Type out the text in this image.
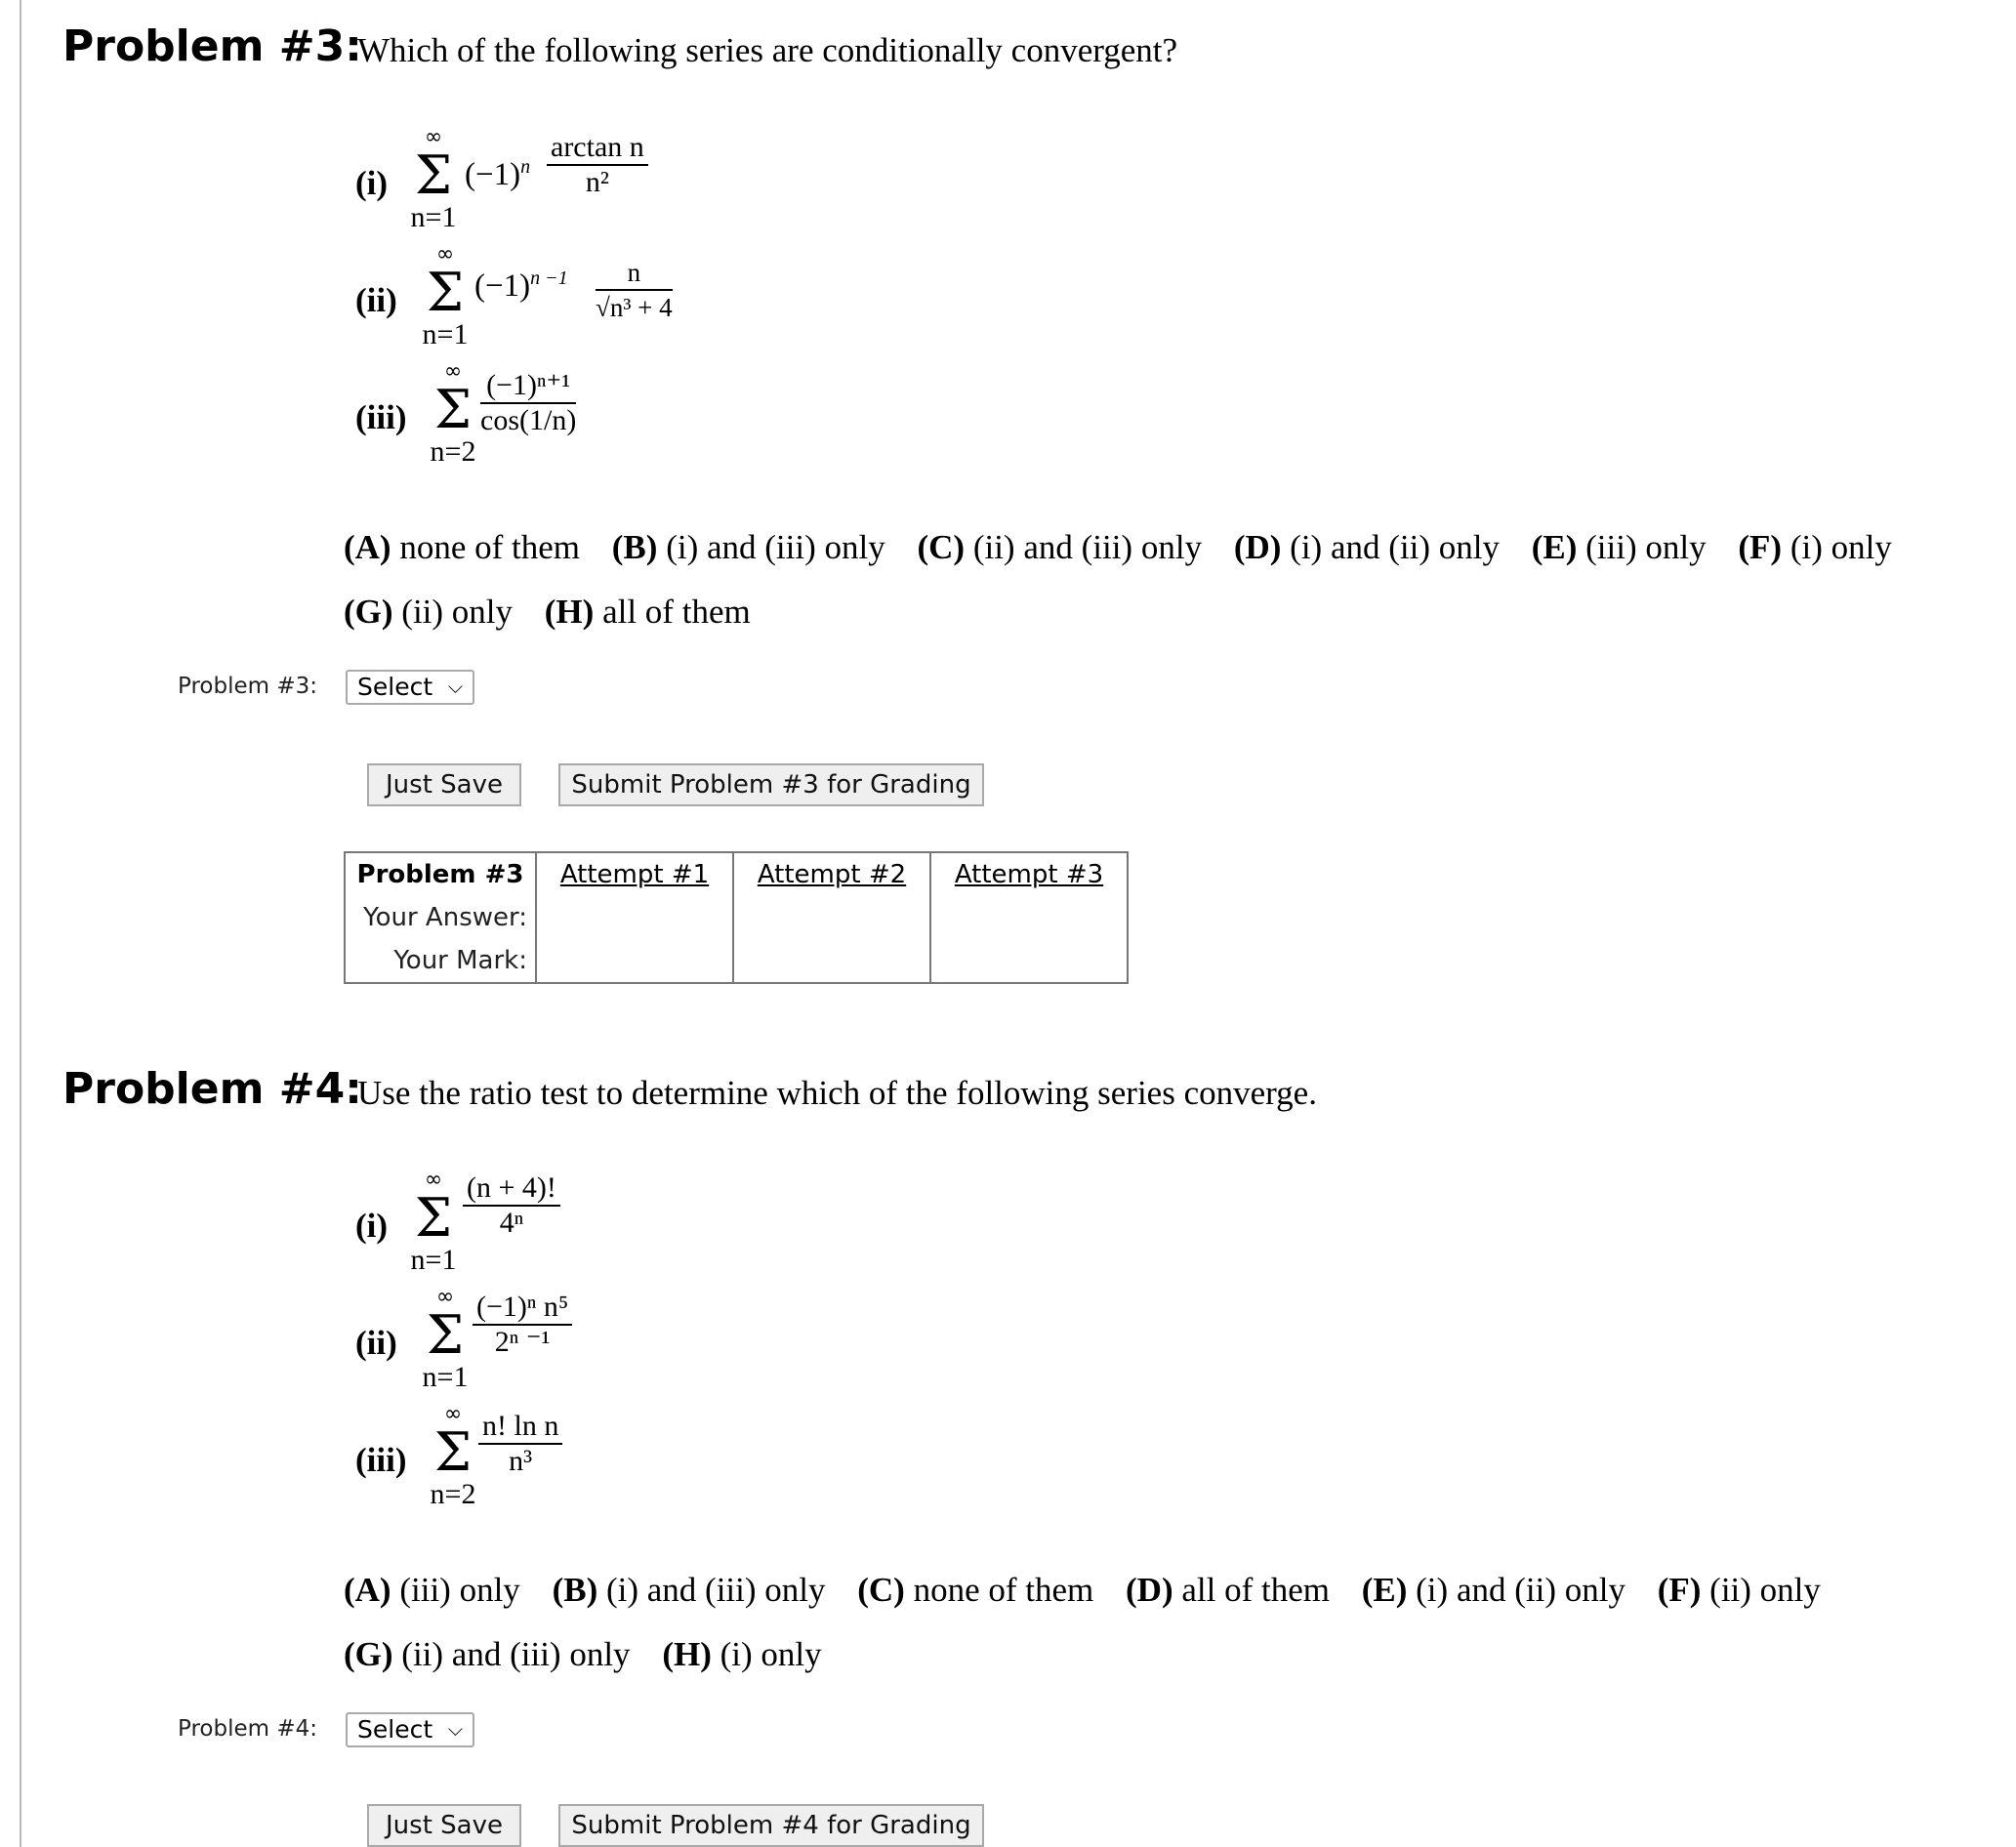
Problem #3:
Which of the following series are conditionally convergent?
(i)
∞
Σ
n=1
$(-1)^n \frac{\text{arctan n}}{\text{n²}}$
(ii)
∞
Σ
n=1
$(-1)^{n -1} \frac{n}{\text{√n³ + 4}}$
(iii)
∞
Σ
n=2
$\frac{\text{(−1)ⁿ⁺¹}}{\cos(1/n)}$
(A) none of them (B) (i) and (iii) only (C) (ii) and (iii) only (D) (i) and (ii) only (E) (iii) only (F) (i) only (G) (ii) only (H) all of them
Problem #3:	Select ⌵
Just Save	Submit Problem #3 for Grading
Problem #3	Attempt #1	Attempt #2	Attempt #3
Your Answer:			
Your Mark:			
Problem #4:
Use the ratio test to determine which of the following series converge.
(i)
∞
Σ
n=1
$\frac{(n + 4)!}{\text{4ⁿ}}$
(ii)
∞
Σ
n=1
$\frac{\text{(−1)ⁿ n⁵}}{\text{2ⁿ ⁻¹}}$
(iii)
∞
Σ
n=2
$\frac{\text{n! ln n}}{\text{n³}}$
(A) (iii) only (B) (i) and (iii) only (C) none of them (D) all of them (E) (i) and (ii) only (F) (ii) only (G) (ii) and (iii) only (H) (i) only
Problem #4:	Select ⌵
Just Save	Submit Problem #4 for Grading
